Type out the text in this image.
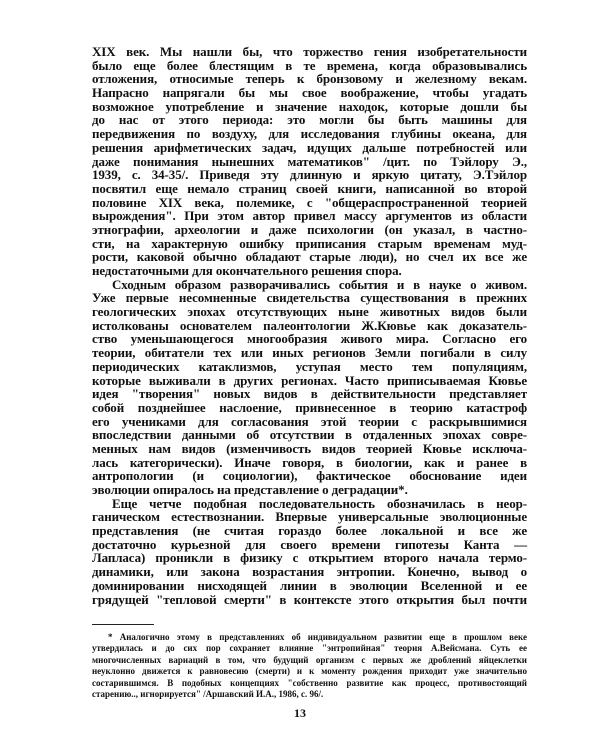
XIX век. Мы нашли бы, что торжество гения изобретательности
было еще более блестящим в те времена, когда образовывались
отложения, относимые теперь к бронзовому и железному векам.
Напрасно напрягали бы мы свое воображение, чтобы угадать
возможное употребление и значение находок, которые дошли бы
до нас от этого периода: это могли бы быть машины для
передвижения по воздуху, для исследования глубины океана, для
решения арифметических задач, идущих дальше потребностей или
даже понимания нынешних математиков" /цит. по Тэйлору Э.,
1939, с. 34-35/. Приведя эту длинную и яркую цитату, Э.Тэйлор
посвятил еще немало страниц своей книги, написанной во второй
половине XIX века, полемике, с "общераспространенной теорией
вырождения". При этом автор привел массу аргументов из области
этнографии, археологии и даже психологии (он указал, в частно-
сти, на характерную ошибку приписания старым временам муд-
рости, каковой обычно обладают старые люди), но счел их все же
недостаточными для окончательного решения спора.
Сходным образом разворачивались события и в науке о живом.
Уже первые несомненные свидетельства существования в прежних
геологических эпохах отсутствующих ныне животных видов были
истолкованы основателем палеонтологии Ж.Кювье как доказатель-
ство уменьшающегося многообразия живого мира. Согласно его
теории, обитатели тех или иных регионов Земли погибали в силу
периодических катаклизмов, уступая место тем популяциям,
которые выживали в других регионах. Часто приписываемая Кювье
идея "творения" новых видов в действительности представляет
собой позднейшее наслоение, привнесенное в теорию катастроф
его учениками для согласования этой теории с раскрывшимися
впоследствии данными об отсутствии в отдаленных эпохах совре-
менных нам видов (изменчивость видов теорией Кювье исключа-
лась категорически). Иначе говоря, в биологии, как и ранее в
антропологии (и социологии), фактическое обоснование идеи
эволюции опиралось на представление о деградации*.
Еще четче подобная последовательность обозначилась в неор-
ганическом естествознании. Впервые универсальные эволюционные
представления (не считая гораздо более локальной и все же
достаточно курьезной для своего времени гипотезы Канта —
Лапласа) проникли в физику с открытием второго начала термо-
динамики, или закона возрастания энтропии. Конечно, вывод о
доминировании нисходящей линии в эволюции Вселенной и ее
грядущей "тепловой смерти" в контексте этого открытия был почти
* Аналогично этому в представлениях об индивидуальном развитии еще в прошлом веке
утвердилась и до сих пор сохраняет влияние "энтропийная" теория А.Вейсмана. Суть ее
многочисленных вариаций в том, что будущий организм с первых же дроблений яйцеклетки
неуклонно движется к равновесию (смерти) и к моменту рождения приходит уже значительно
состарившимся. В подобных концепциях "собственно развитие как процесс, противостоящий
старению.., игнорируется" /Аршавский И.А., 1986, с. 96/.
13
